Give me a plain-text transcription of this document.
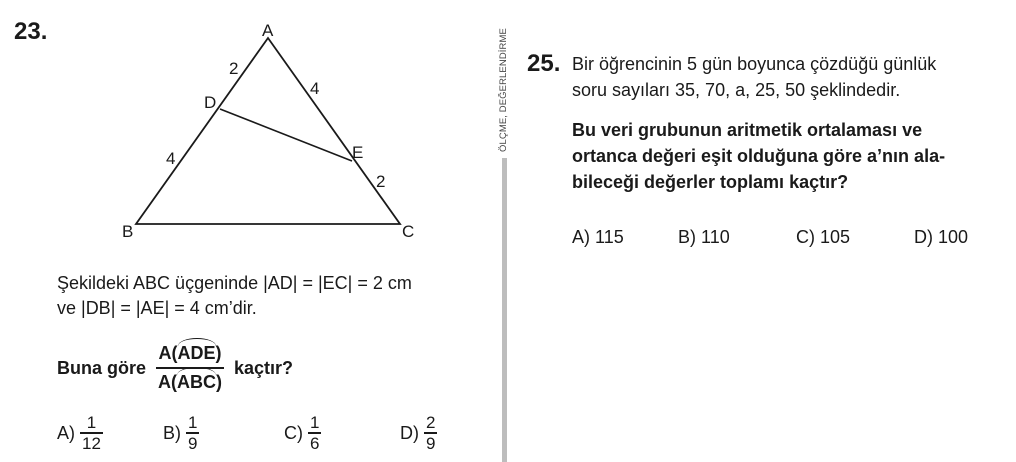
23.	A
B	C
D
E
2
4
4
2
Şekildeki ABC üçgeninde |AD| = |EC| = 2 cm
ve |DB| = |AE| = 4 cm’dir.
Buna göre $\frac{\text{A(ADE)}}{\text{A(ABC)}}$ kaçtır?
$A) \frac{1}{12}$	$B) \frac{1}{9}$	$C) \frac{1}{6}$	$D) \frac{2}{9}$
ÖLÇME, DEĞERLENDİRME 25. Bir öğrencinin 5 gün boyunca çözdüğü günlük
soru sayıları 35, 70, a, 25, 50 şeklindedir.
Bu veri grubunun aritmetik ortalaması ve
ortanca değeri eşit olduğuna göre a’nın ala-
bileceği değerler toplamı kaçtır?
A) 115	B) 110	C) 105	D) 100
